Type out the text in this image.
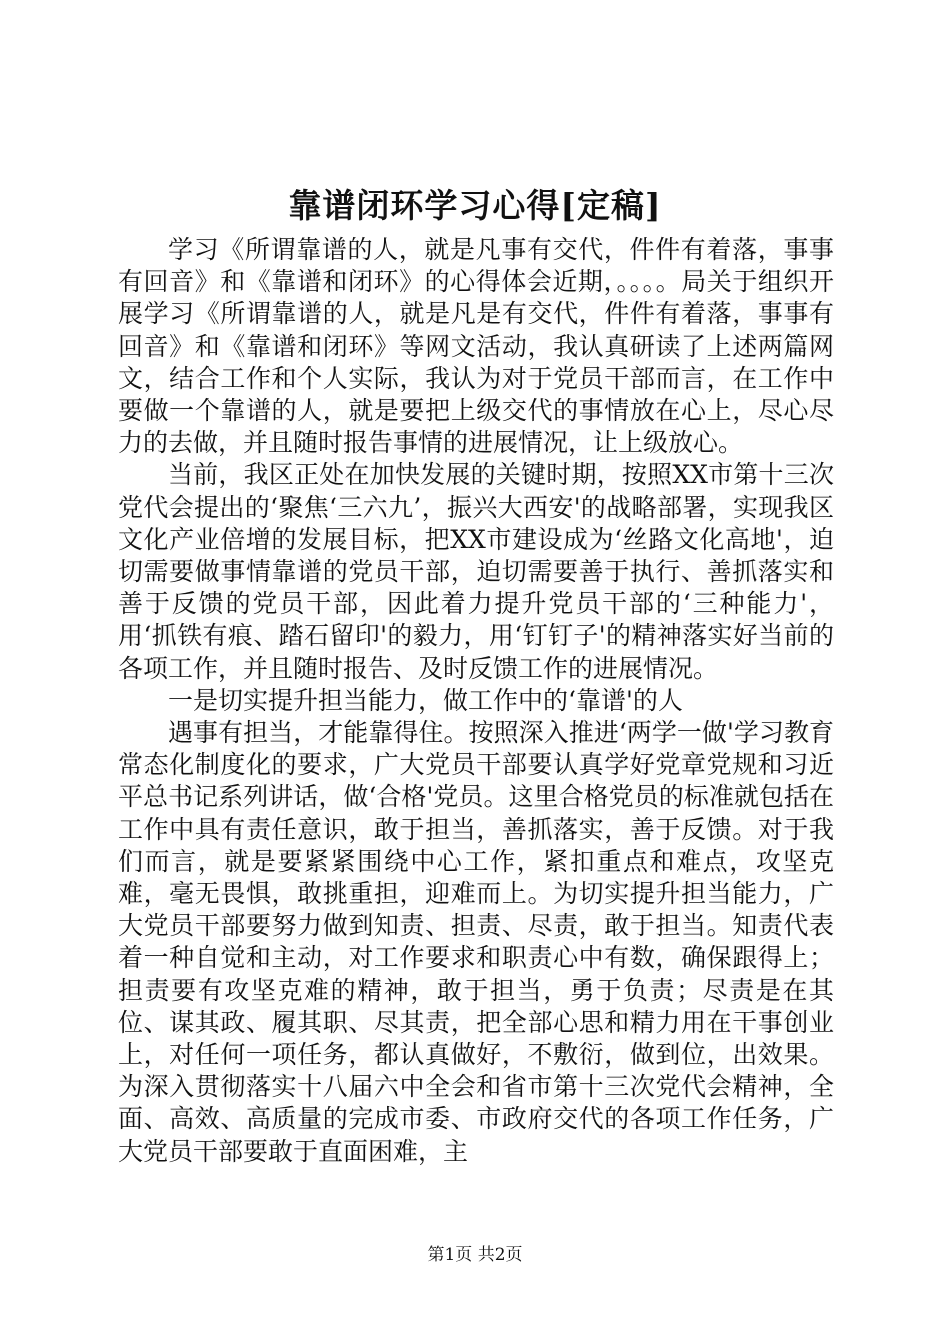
靠谱闭环学习心得[定稿]

学习《所谓靠谱的人，就是凡事有交代，件件有着落，事事有回音》和《靠谱和闭环》的心得体会近期，。。。。局关于组织开展学习《所谓靠谱的人，就是凡是有交代，件件有着落，事事有回音》和《靠谱和闭环》等网文活动，我认真研读了上述两篇网文，结合工作和个人实际，我认为对于党员干部而言，在工作中要做一个靠谱的人，就是要把上级交代的事情放在心上，尽心尽力的去做，并且随时报告事情的进展情况，让上级放心。

当前，我区正处在加快发展的关键时期，按照XX市第十三次党代会提出的‘聚焦‘三六九’，振兴大西安'的战略部署，实现我区文化产业倍增的发展目标，把XX市建设成为‘丝路文化高地'，迫切需要做事情靠谱的党员干部，迫切需要善于执行、善抓落实和善于反馈的党员干部，因此着力提升党员干部的‘三种能力'，用‘抓铁有痕、踏石留印'的毅力，用‘钉钉子'的精神落实好当前的各项工作，并且随时报告、及时反馈工作的进展情况。

一是切实提升担当能力，做工作中的‘靠谱'的人

遇事有担当，才能靠得住。按照深入推进‘两学一做'学习教育常态化制度化的要求，广大党员干部要认真学好党章党规和习近平总书记系列讲话，做‘合格'党员。这里合格党员的标准就包括在工作中具有责任意识，敢于担当，善抓落实，善于反馈。对于我们而言，就是要紧紧围绕中心工作，紧扣重点和难点，攻坚克难，毫无畏惧，敢挑重担，迎难而上。为切实提升担当能力，广大党员干部要努力做到知责、担责、尽责，敢于担当。知责代表着一种自觉和主动，对工作要求和职责心中有数，确保跟得上；担责要有攻坚克难的精神，敢于担当，勇于负责；尽责是在其位、谋其政、履其职、尽其责，把全部心思和精力用在干事创业上，对任何一项任务，都认真做好，不敷衍，做到位，出效果。为深入贯彻落实十八届六中全会和省市第十三次党代会精神，全面、高效、高质量的完成市委、市政府交代的各项工作任务，广大党员干部要敢于直面困难，主

第1页 共2页
